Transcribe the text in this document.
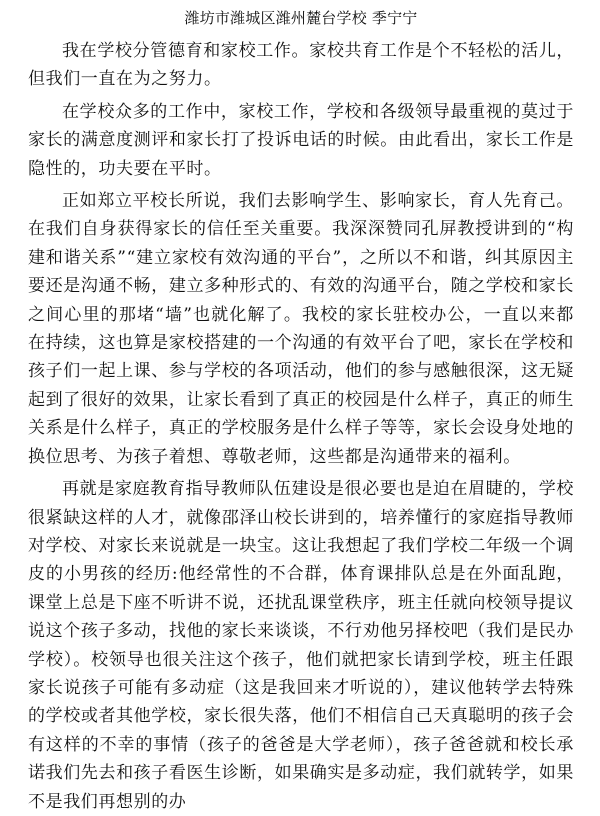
潍坊市潍城区潍州麓台学校 季宁宁

我在学校分管德育和家校工作。家校共育工作是个不轻松的活儿，但我们一直在为之努力。

在学校众多的工作中，家校工作，学校和各级领导最重视的莫过于家长的满意度测评和家长打了投诉电话的时候。由此看出，家长工作是隐性的，功夫要在平时。

正如郑立平校长所说，我们去影响学生、影响家长，育人先育己。在我们自身获得家长的信任至关重要。我深深赞同孔屏教授讲到的“构建和谐关系”“建立家校有效沟通的平台”，之所以不和谐，纠其原因主要还是沟通不畅，建立多种形式的、有效的沟通平台，随之学校和家长之间心里的那堵“墙”也就化解了。我校的家长驻校办公，一直以来都在持续，这也算是家校搭建的一个沟通的有效平台了吧，家长在学校和孩子们一起上课、参与学校的各项活动，他们的参与感触很深，这无疑起到了很好的效果，让家长看到了真正的校园是什么样子，真正的师生关系是什么样子，真正的学校服务是什么样子等等，家长会设身处地的换位思考、为孩子着想、尊敬老师，这些都是沟通带来的福利。

再就是家庭教育指导教师队伍建设是很必要也是迫在眉睫的，学校很紧缺这样的人才，就像邵泽山校长讲到的，培养懂行的家庭指导教师对学校、对家长来说就是一块宝。这让我想起了我们学校二年级一个调皮的小男孩的经历:他经常性的不合群，体育课排队总是在外面乱跑，课堂上总是下座不听讲不说，还扰乱课堂秩序，班主任就向校领导提议说这个孩子多动，找他的家长来谈谈，不行劝他另择校吧（我们是民办学校）。校领导也很关注这个孩子，他们就把家长请到学校，班主任跟家长说孩子可能有多动症（这是我回来才听说的），建议他转学去特殊的学校或者其他学校，家长很失落，他们不相信自己天真聪明的孩子会有这样的不幸的事情（孩子的爸爸是大学老师），孩子爸爸就和校长承诺我们先去和孩子看医生诊断，如果确实是多动症，我们就转学，如果不是我们再想别的办
